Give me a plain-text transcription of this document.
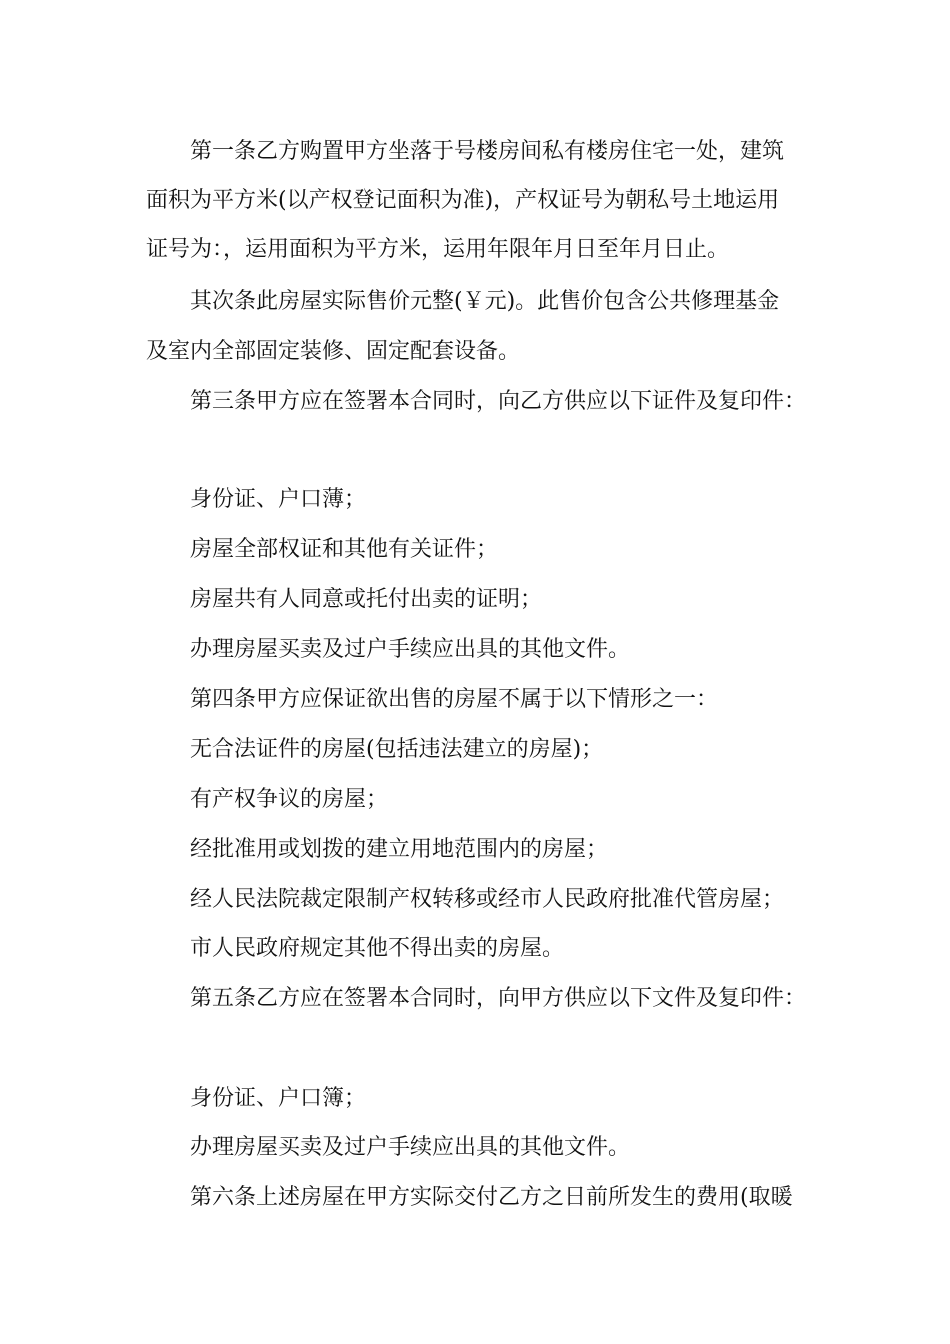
第一条乙方购置甲方坐落于号楼房间私有楼房住宅一处，建筑
面积为平方米(以产权登记面积为准)，产权证号为朝私号土地运用
证号为：，运用面积为平方米，运用年限年月日至年月日止。
其次条此房屋实际售价元整(￥元)。此售价包含公共修理基金
及室内全部固定装修、固定配套设备。
第三条甲方应在签署本合同时，向乙方供应以下证件及复印件：
身份证、户口薄；
房屋全部权证和其他有关证件；
房屋共有人同意或托付出卖的证明；
办理房屋买卖及过户手续应出具的其他文件。
第四条甲方应保证欲出售的房屋不属于以下情形之一：
无合法证件的房屋(包括违法建立的房屋)；
有产权争议的房屋；
经批准用或划拨的建立用地范围内的房屋；
经人民法院裁定限制产权转移或经市人民政府批准代管房屋；
市人民政府规定其他不得出卖的房屋。
第五条乙方应在签署本合同时，向甲方供应以下文件及复印件：
身份证、户口簿；
办理房屋买卖及过户手续应出具的其他文件。
第六条上述房屋在甲方实际交付乙方之日前所发生的费用(取暖
